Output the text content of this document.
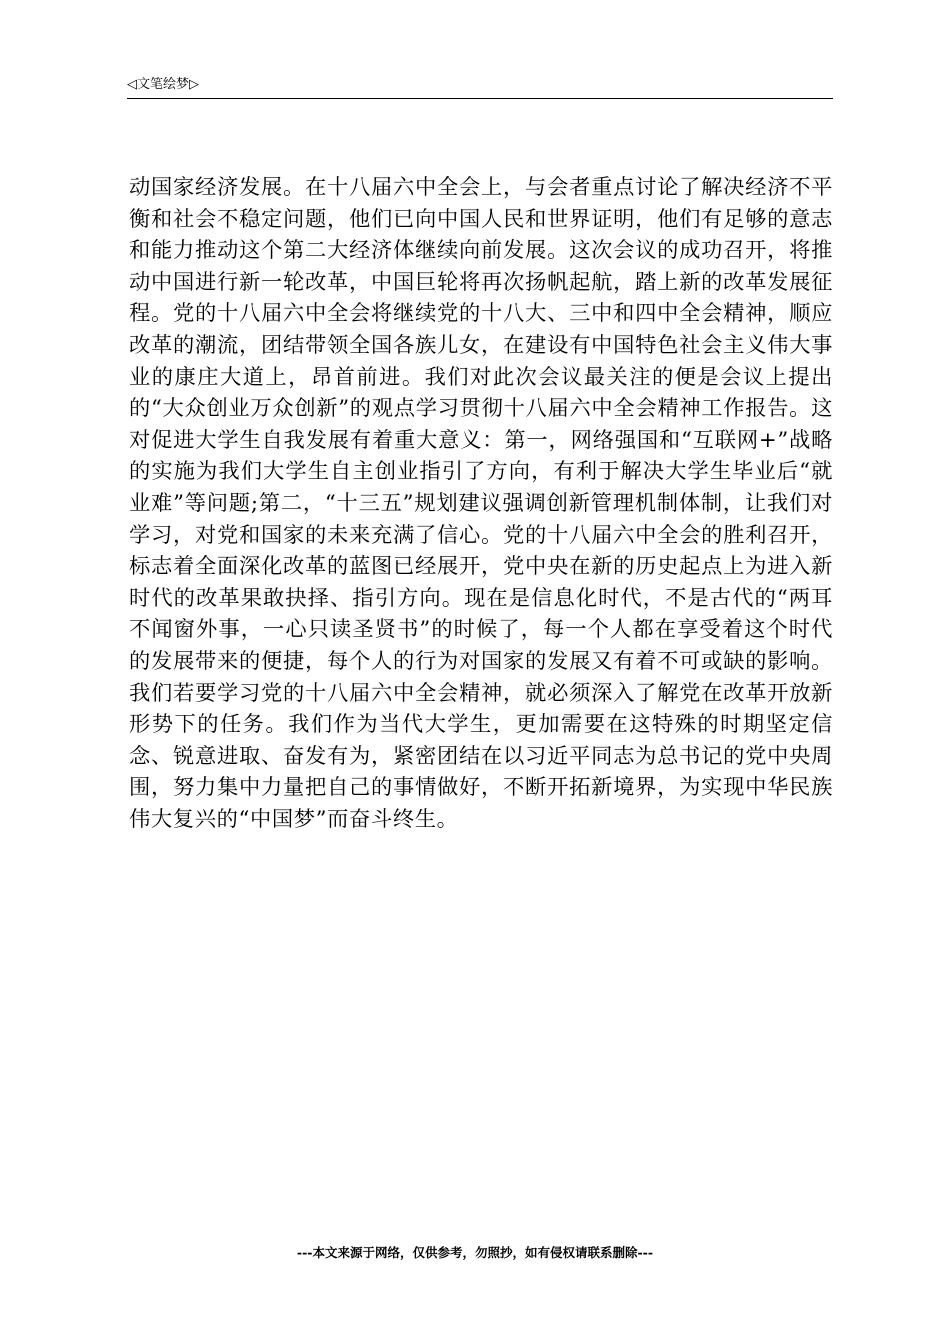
◁文笔绘梦▷

动国家经济发展。在十八届六中全会上，与会者重点讨论了解决经济不平衡和社会不稳定问题，他们已向中国人民和世界证明，他们有足够的意志和能力推动这个第二大经济体继续向前发展。这次会议的成功召开，将推动中国进行新一轮改革，中国巨轮将再次扬帆起航，踏上新的改革发展征程。党的十八届六中全会将继续党的十八大、三中和四中全会精神，顺应改革的潮流，团结带领全国各族儿女，在建设有中国特色社会主义伟大事业的康庄大道上，昂首前进。我们对此次会议最关注的便是会议上提出的“大众创业万众创新”的观点学习贯彻十八届六中全会精神工作报告。这对促进大学生自我发展有着重大意义：第一，网络强国和“互联网+”战略的实施为我们大学生自主创业指引了方向，有利于解决大学生毕业后“就业难”等问题;第二，“十三五”规划建议强调创新管理机制体制，让我们对学习，对党和国家的未来充满了信心。党的十八届六中全会的胜利召开，标志着全面深化改革的蓝图已经展开，党中央在新的历史起点上为进入新时代的改革果敢抉择、指引方向。现在是信息化时代，不是古代的“两耳不闻窗外事，一心只读圣贤书”的时候了，每一个人都在享受着这个时代的发展带来的便捷，每个人的行为对国家的发展又有着不可或缺的影响。我们若要学习党的十八届六中全会精神，就必须深入了解党在改革开放新形势下的任务。我们作为当代大学生，更加需要在这特殊的时期坚定信念、锐意进取、奋发有为，紧密团结在以习近平同志为总书记的党中央周围，努力集中力量把自己的事情做好，不断开拓新境界，为实现中华民族伟大复兴的“中国梦”而奋斗终生。

---本文来源于网络，仅供参考，勿照抄，如有侵权请联系删除---
